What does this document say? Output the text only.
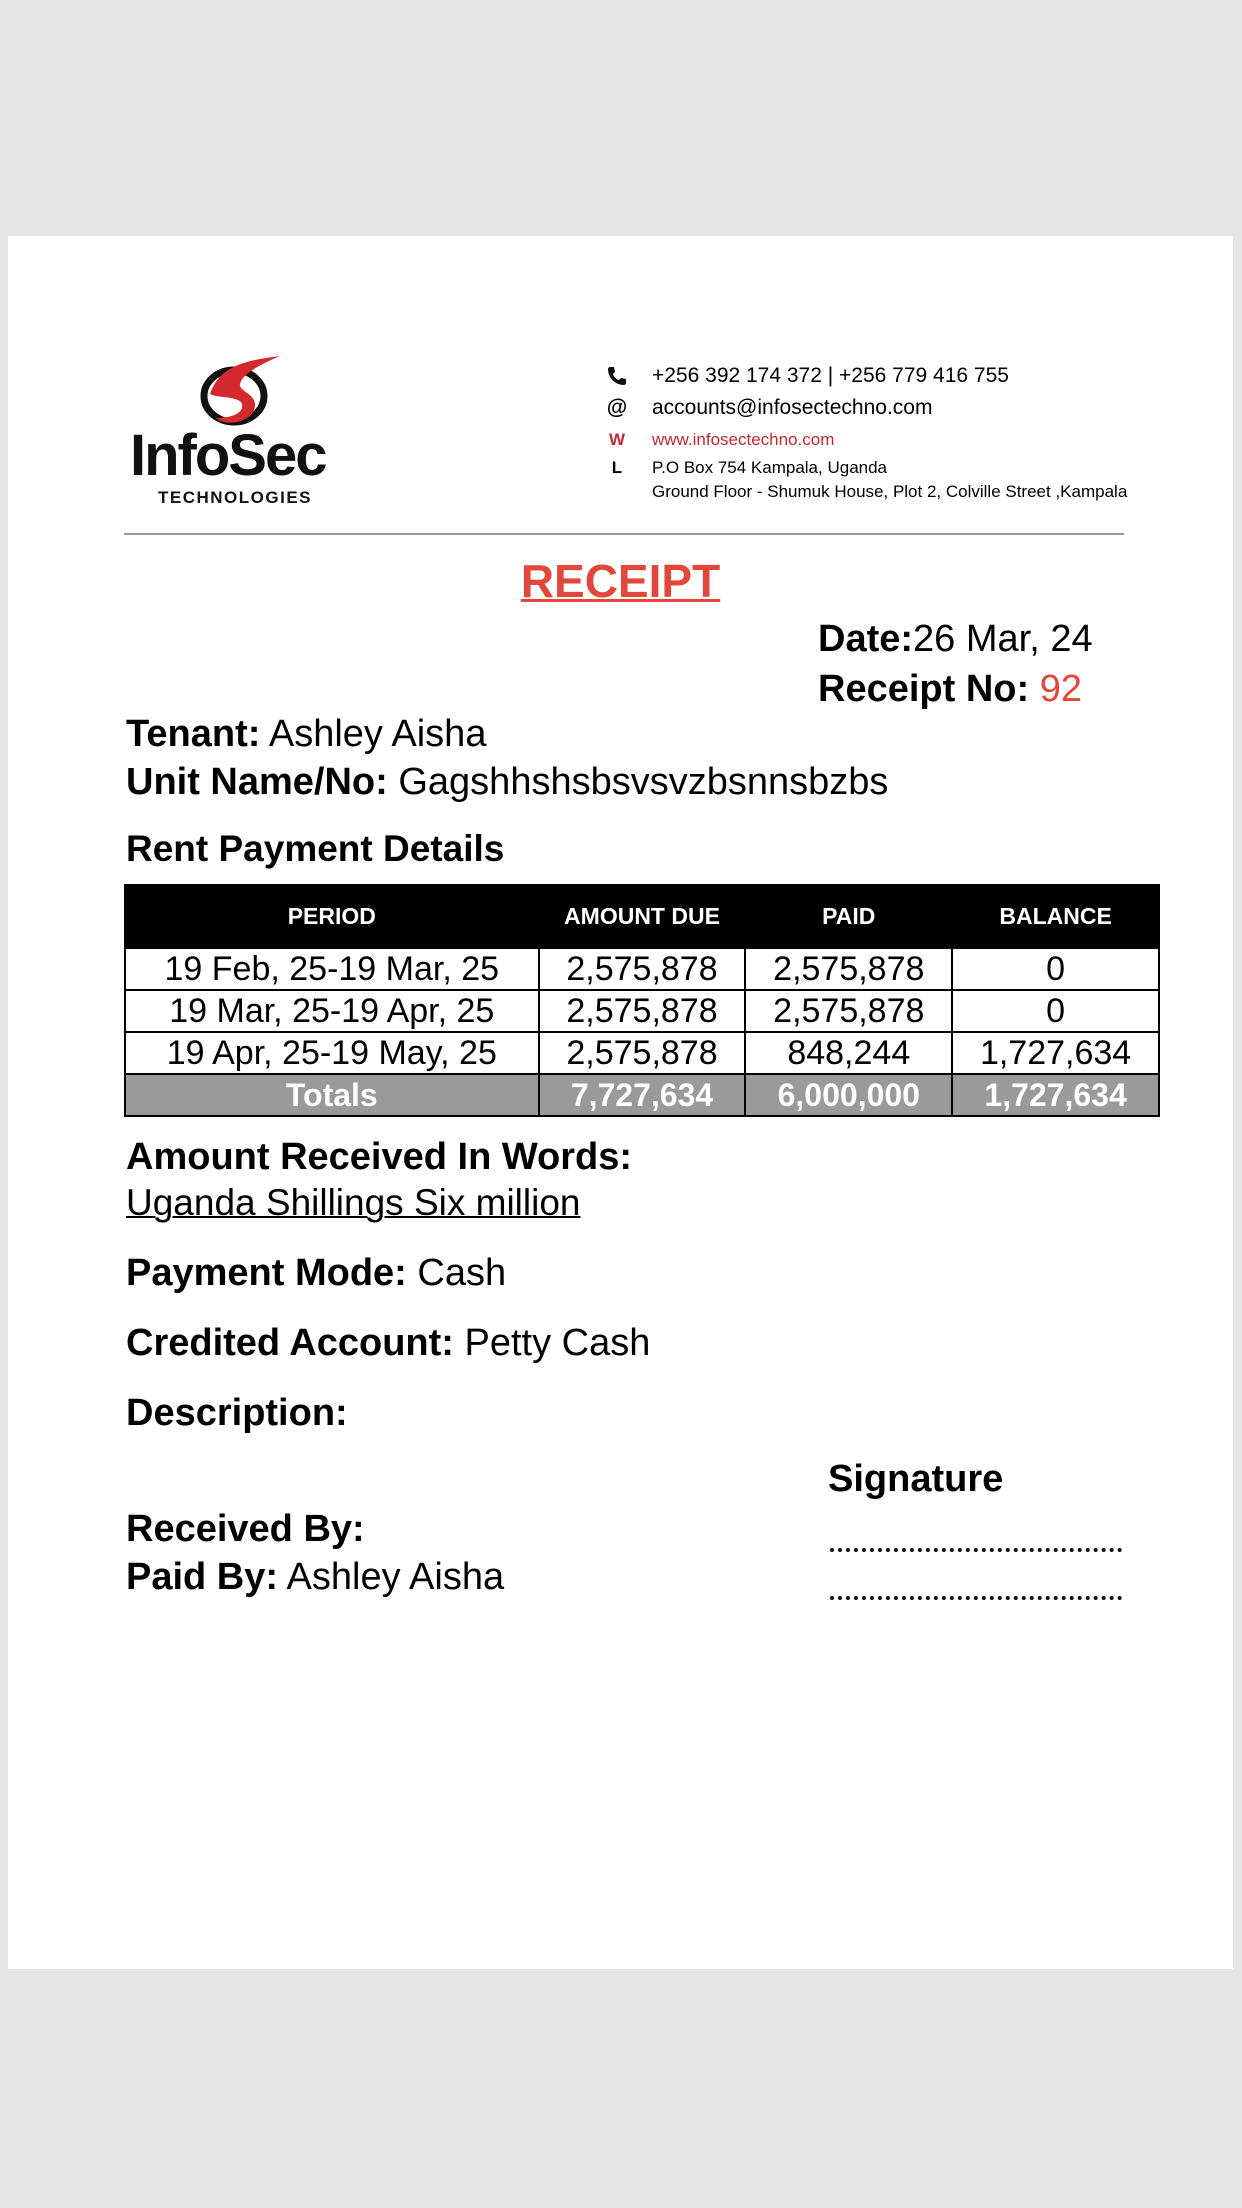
InfoSec
TECHNOLOGIES
+256 392 174 372 | +256 779 416 755
@ accounts@infosectechno.com
W www.infosectechno.com
L	P.O Box 754 Kampala, Uganda
Ground Floor - Shumuk House, Plot 2, Colville Street ,Kampala
RECEIPT
Date:26 Mar, 24
Receipt No: 92
Tenant: Ashley Aisha
Unit Name/No: Gagshhshsbsvsvzbsnnsbzbs
Rent Payment Details
PERIOD	AMOUNT DUE	PAID	BALANCE
19 Feb, 25-19 Mar, 25	2,575,878	2,575,878	0
19 Mar, 25-19 Apr, 25	2,575,878	2,575,878	0
19 Apr, 25-19 May, 25	2,575,878	848,244	1,727,634
Totals	7,727,634	6,000,000	1,727,634
Amount Received In Words:
Uganda Shillings Six million
Payment Mode: Cash
Credited Account: Petty Cash
Description:
Signature
Received By:
Paid By: Ashley Aisha
